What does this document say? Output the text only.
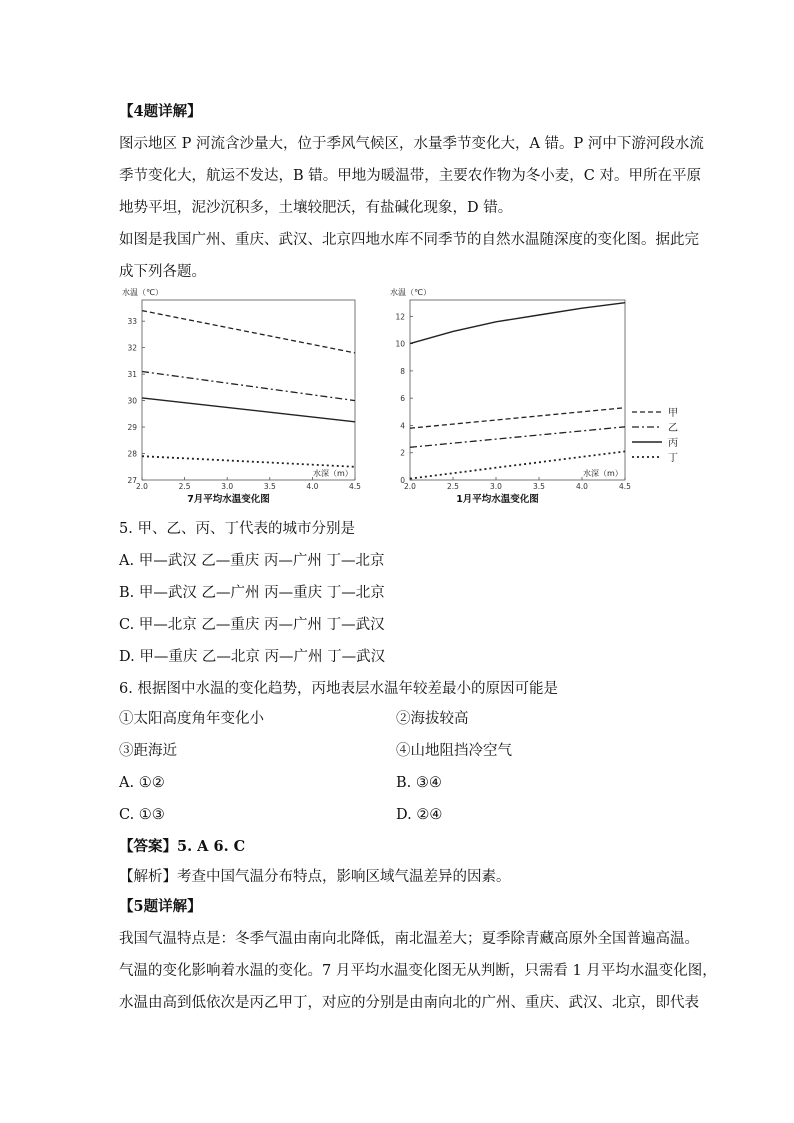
【4题详解】
图示地区 P 河流含沙量大，位于季风气候区，水量季节变化大，A 错。P 河中下游河段水流
季节变化大，航运不发达，B 错。甲地为暖温带，主要农作物为冬小麦，C 对。甲所在平原
地势平坦，泥沙沉积多，土壤较肥沃，有盐碱化现象，D 错。
如图是我国广州、重庆、武汉、北京四地水库不同季节的自然水温随深度的变化图。据此完
成下列各题。
水温（℃）
27
28
29
30
31
32
33
2.0	2.5	3.0	3.5	4.0	4.5
水深（m）
7月平均水温变化图
水温（℃）
0
2
4
6
8
10
12
2.0	2.5	3.0	3.5	4.0	4.5
水深（m）
1月平均水温变化图
甲
乙
丙
丁
5. 甲、乙、丙、丁代表的城市分别是
A. 甲—武汉 乙—重庆 丙—广州 丁—北京
B. 甲—武汉 乙—广州 丙—重庆 丁—北京
C. 甲—北京 乙—重庆 丙—广州 丁—武汉
D. 甲—重庆 乙—北京 丙—广州 丁—武汉
6. 根据图中水温的变化趋势，丙地表层水温年较差最小的原因可能是
①太阳高度角年变化小	②海拔较高
③距海近	④山地阻挡冷空气
A. ①②	B. ③④
C. ①③	D. ②④
【答案】5. A 6. C
【解析】考查中国气温分布特点，影响区域气温差异的因素。
【5题详解】
我国气温特点是：冬季气温由南向北降低，南北温差大；夏季除青藏高原外全国普遍高温。
气温的变化影响着水温的变化。7 月平均水温变化图无从判断，只需看 1 月平均水温变化图，
水温由高到低依次是丙乙甲丁，对应的分别是由南向北的广州、重庆、武汉、北京，即代表
